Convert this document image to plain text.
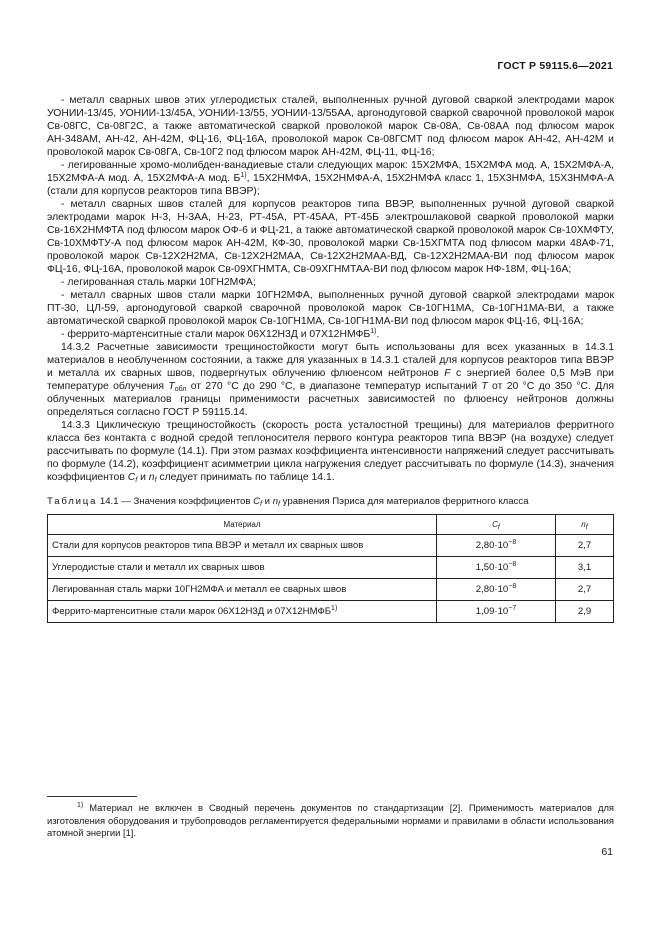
ГОСТ Р 59115.6—2021

- металл сварных швов этих углеродистых сталей, выполненных ручной дуговой сваркой электродами марок УОНИИ-13/45, УОНИИ-13/45А, УОНИИ-13/55, УОНИИ-13/55АА, аргонодуговой сваркой сварочной проволокой марок Св-08ГС, Св-08Г2С, а также автоматической сваркой проволокой марок Св-08А, Св-08АА под флюсом марок АН-348АМ, АН-42, АН-42М, ФЦ-16, ФЦ-16А, проволокой марок Св-08ГСМТ под флюсом марок АН-42, АН-42М и проволокой марок Св-08ГА, Св-10Г2 под флюсом марок АН-42М, ФЦ-11, ФЦ-16;

- легированные хромо-молибден-ванадиевые стали следующих марок: 15Х2МФА, 15Х2МФА мод. А, 15Х2МФА-А, 15Х2МФА-А мод. А, 15Х2МФА-А мод. $Б^{1)}$, 15Х2НМФА, 15Х2НМФА-А, 15Х2НМФА класс 1, 15Х3НМФА, 15Х3НМФА-А (стали для корпусов реакторов типа ВВЭР);

- металл сварных швов сталей для корпусов реакторов типа ВВЭР, выполненных ручной дуговой сваркой электродами марок Н-3, Н-3АА, Н-23, РТ-45А, РТ-45АА, РТ-45Б электрошлаковой сваркой проволокой марки Св-16Х2НМФТА под флюсом марок ОФ-6 и ФЦ-21, а также автоматической сваркой проволокой марок Св-10ХМФТУ, Св-10ХМФТУ-А под флюсом марок АН-42М, КФ-30, проволокой марки Св-15ХГМТА под флюсом марки 48АФ-71, проволокой марок Св-12Х2Н2МА, Св-12Х2Н2МАА, Св-12Х2Н2МАА-ВД, Св-12Х2Н2МАА-ВИ под флюсом марок ФЦ-16, ФЦ-16А, проволокой марок Св-09ХГНМТА, Св-09ХГНМТАА-ВИ под флюсом марок НФ-18М, ФЦ-16А;

- легированная сталь марки 10ГН2МФА;

- металл сварных швов стали марки 10ГН2МФА, выполненных ручной дуговой сваркой электродами марок ПТ-30, ЦЛ-59, аргонодуговой сваркой сварочной проволокой марок Св-10ГН1МА, Св-10ГН1МА-ВИ, а также автоматической сваркой проволокой марок Св-10ГН1МА, Св-10ГН1МА-ВИ под флюсом марок ФЦ-16, ФЦ-16А;

- феррито-мартенситные стали марок 06Х12Н3Д и 07Х12НМФБ$^{1)}$.

14.3.2 Расчетные зависимости трещиностойкости могут быть использованы для всех указанных в 14.3.1 материалов в необлученном состоянии, а также для указанных в 14.3.1 сталей для корпусов реакторов типа ВВЭР и металла их сварных швов, подвергнутых облучению флюенсом нейтронов F с энергией более 0,5 МэВ при температуре облучения $T_{обл}$ от 270 °С до 290 °С, в диапазоне температур испытаний T от 20 °С до 350 °С. Для облученных материалов границы применимости расчетных зависимостей по флюенсу нейтронов должны определяться согласно ГОСТ Р 59115.14.

14.3.3 Циклическую трещиностойкость (скорость роста усталостной трещины) для материалов ферритного класса без контакта с водной средой теплоносителя первого контура реакторов типа ВВЭР (на воздухе) следует рассчитывать по формуле (14.1). При этом размах коэффициента интенсивности напряжений следует рассчитывать по формуле (14.2), коэффициент асимметрии цикла нагружения следует рассчитывать по формуле (14.3), значения коэффициентов $C_f$ и $n_f$ следует принимать по таблице 14.1.

Таблица 14.1 — Значения коэффициентов $C_f$ и $n_f$ уравнения Пэриса для материалов ферритного класса

Материал	$C_f$	$n_f$
Стали для корпусов реакторов типа ВВЭР и металл их сварных швов	$2,80\cdot 10^{-8}$	2,7
Углеродистые стали и металл их сварных швов	$1,50\cdot 10^{-8}$	3,1
Легированная сталь марки 10ГН2МФА и металл ее сварных швов	$2,80\cdot 10^{-8}$	2,7
Феррито-мартенситные стали марок 06Х12Н3Д и 07Х12НМФБ$^{1)}$	$1,09\cdot 10^{-7}$	2,9
$^{1)}$ Материал не включен в Сводный перечень документов по стандартизации [2]. Применимость материалов для изготовления оборудования и трубопроводов регламентируется федеральными нормами и правилами в области использования атомной энергии [1].
61
